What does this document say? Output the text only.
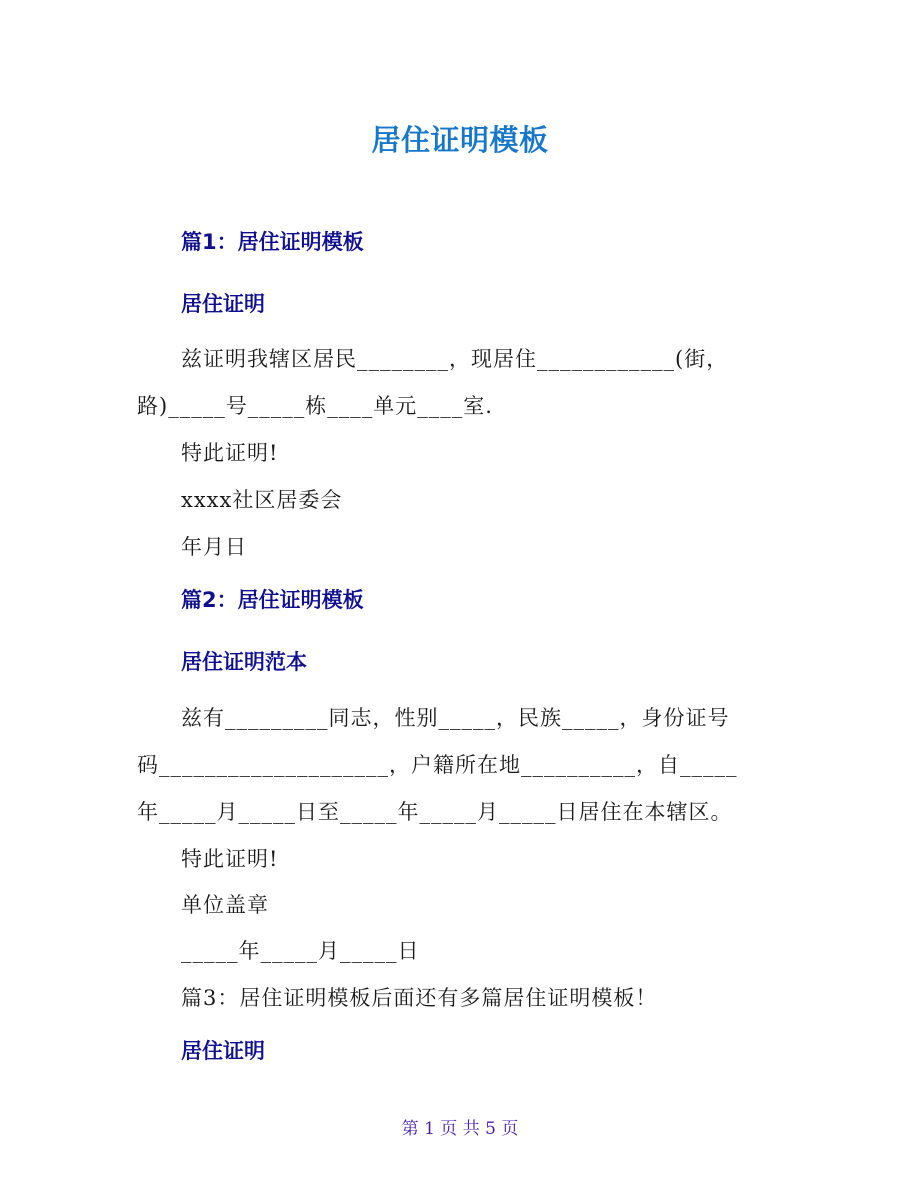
居住证明模板
篇1：居住证明模板
居住证明

兹证明我辖区居民________，现居住____________(街，

路)_____号_____栋____单元____室.

特此证明!

xxxx社区居委会

年月日

篇2：居住证明模板
居住证明范本

兹有_________同志，性别_____，民族_____，身份证号

码____________________，户籍所在地__________，自_____

年_____月_____日至_____年_____月_____日居住在本辖区。

特此证明!

单位盖章

_____年_____月_____日

篇3：居住证明模板后面还有多篇居住证明模板！

居住证明

第 1 页 共 5 页
